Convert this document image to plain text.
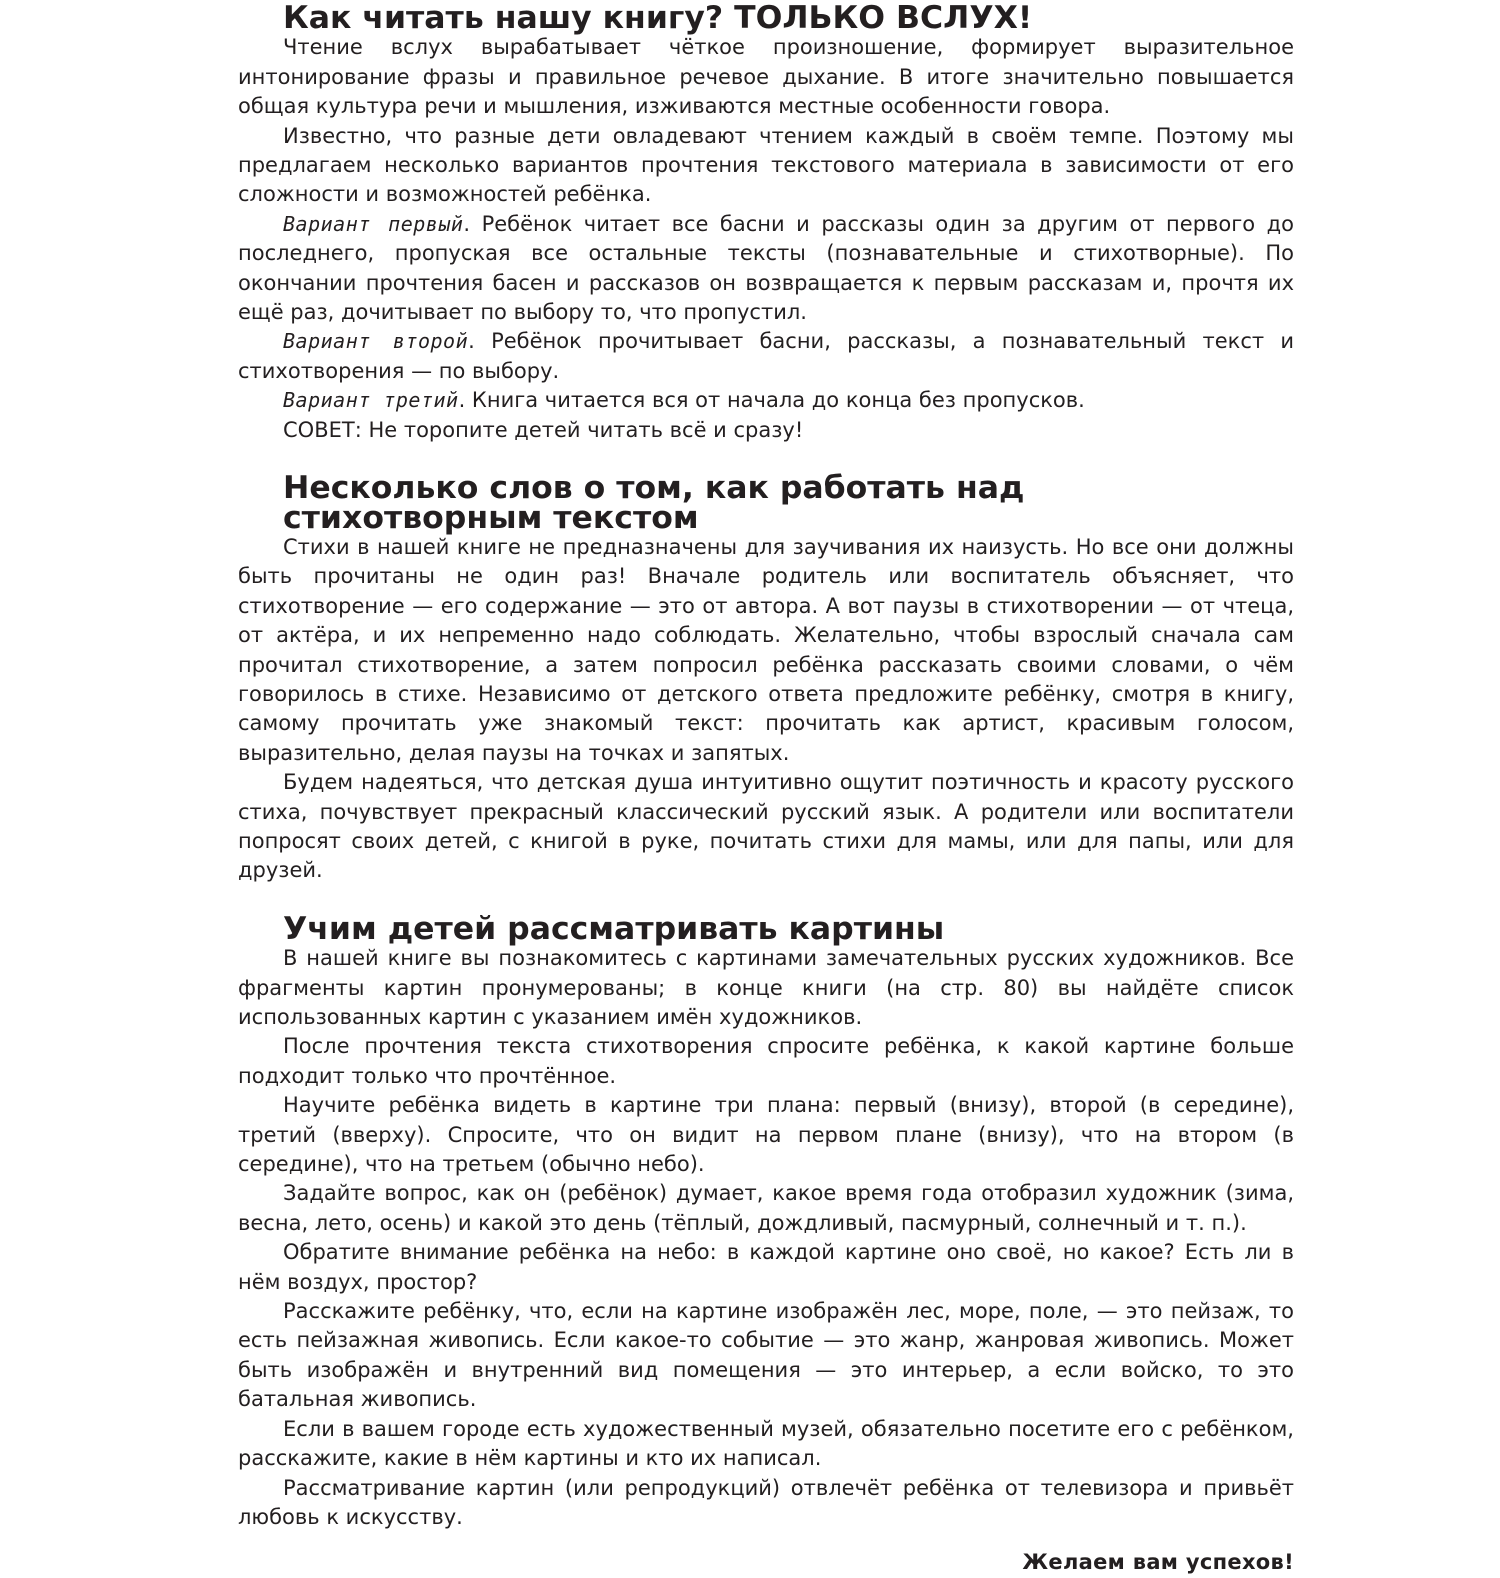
Как читать нашу книгу? ТОЛЬКО ВСЛУХ!

Чтение вслух вырабатывает чёткое произношение, формирует выразительное интонирование фразы и правильное речевое дыхание. В итоге значительно повышается общая культура речи и мышления, изживаются местные особенности говора.

Известно, что разные дети овладевают чтением каждый в своём темпе. Поэтому мы предлагаем несколько вариантов прочтения текстового материала в зависимости от его сложности и возможностей ребёнка.

Вариант первый. Ребёнок читает все басни и рассказы один за другим от первого до последнего, пропуская все остальные тексты (познавательные и стихотворные). По окончании прочтения басен и рассказов он возвращается к первым рассказам и, прочтя их ещё раз, дочитывает по выбору то, что пропустил.

Вариант второй. Ребёнок прочитывает басни, рассказы, а познавательный текст и стихотворения — по выбору.

Вариант третий. Книга читается вся от начала до конца без пропусков.

СОВЕТ: Не торопите детей читать всё и сразу!

Несколько слов о том, как работать над стихотворным текстом

Стихи в нашей книге не предназначены для заучивания их наизусть. Но все они должны быть прочитаны не один раз! Вначале родитель или воспитатель объясняет, что стихотворение — его содержание — это от автора. А вот паузы в стихотворении — от чтеца, от актёра, и их непременно надо соблюдать. Желательно, чтобы взрослый сначала сам прочитал стихотворение, а затем попросил ребёнка рассказать своими словами, о чём говорилось в стихе. Независимо от детского ответа предложите ребёнку, смотря в книгу, самому прочитать уже знакомый текст: прочитать как артист, красивым голосом, выразительно, делая паузы на точках и запятых.

Будем надеяться, что детская душа интуитивно ощутит поэтичность и красоту русского стиха, почувствует прекрасный классический русский язык. А родители или воспитатели попросят своих детей, с книгой в руке, почитать стихи для мамы, или для папы, или для друзей.

Учим детей рассматривать картины

В нашей книге вы познакомитесь с картинами замечательных русских художников. Все фрагменты картин пронумерованы; в конце книги (на стр. 80) вы найдёте список использованных картин с указанием имён художников.

После прочтения текста стихотворения спросите ребёнка, к какой картине больше подходит только что прочтённое.

Научите ребёнка видеть в картине три плана: первый (внизу), второй (в середине), третий (вверху). Спросите, что он видит на первом плане (внизу), что на втором (в середине), что на третьем (обычно небо).

Задайте вопрос, как он (ребёнок) думает, какое время года отобразил художник (зима, весна, лето, осень) и какой это день (тёплый, дождливый, пасмурный, солнечный и т. п.).

Обратите внимание ребёнка на небо: в каждой картине оно своё, но какое? Есть ли в нём воздух, простор?

Расскажите ребёнку, что, если на картине изображён лес, море, поле, — это пейзаж, то есть пейзажная живопись. Если какое-то событие — это жанр, жанровая живопись. Может быть изображён и внутренний вид помещения — это интерьер, а если войско, то это батальная живопись.

Если в вашем городе есть художественный музей, обязательно посетите его с ребёнком, расскажите, какие в нём картины и кто их написал.

Рассматривание картин (или репродукций) отвлечёт ребёнка от телевизора и привьёт любовь к искусству.

Желаем вам успехов!
